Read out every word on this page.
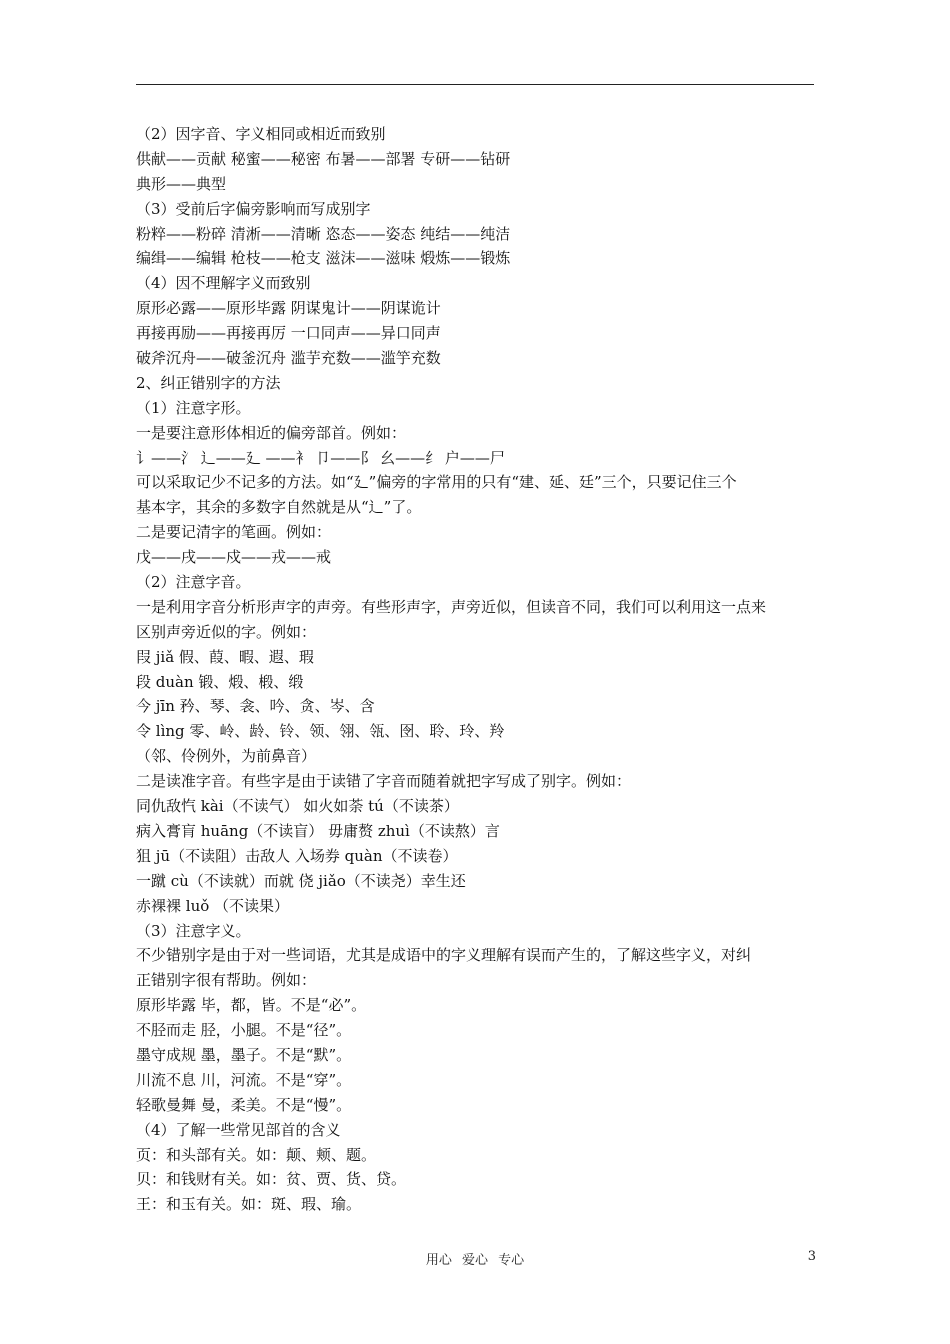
（2）因字音、字义相同或相近而致别
供献——贡献 秘蜜——秘密 布暑——部署 专研——钻研
典形——典型
（3）受前后字偏旁影响而写成别字
粉粹——粉碎 清淅——清晰 恣态——姿态 纯结——纯洁
编缉——编辑 枪枝——枪支 滋沫——滋味 煅炼——锻炼
（4）因不理解字义而致别
原形必露——原形毕露 阴谋鬼计——阴谋诡计
再接再励——再接再厉 一口同声——异口同声
破斧沉舟——破釜沉舟 滥芋充数——滥竽充数
2、纠正错别字的方法
（1）注意字形。
一是要注意形体相近的偏旁部首。例如：
讠——氵 辶——廴 ——衤 卩——阝 幺——纟 户——尸
可以采取记少不记多的方法。如“廴”偏旁的字常用的只有“建、延、廷”三个，只要记住三个
基本字，其余的多数字自然就是从“辶”了。
二是要记清字的笔画。例如：
戊——戌——戍——戎——戒
（2）注意字音。
一是利用字音分析形声字的声旁。有些形声字，声旁近似，但读音不同，我们可以利用这一点来
区别声旁近似的字。例如：
叚 jiǎ 假、葭、暇、遐、瑕
段 duàn 锻、煅、椴、缎
今 jīn 矜、琴、衾、吟、贪、岑、含
令 lìng 零、岭、龄、铃、领、翎、瓴、囹、聆、玲、羚
（邻、伶例外，为前鼻音）
二是读准字音。有些字是由于读错了字音而随着就把字写成了别字。例如：
同仇敌忾 kài（不读气） 如火如荼 tú（不读茶）
病入膏肓 huāng（不读盲） 毋庸赘 zhuì（不读熬）言
狙 jū（不读阻）击敌人 入场券 quàn（不读卷）
一蹴 cù（不读就）而就 侥 jiǎo（不读尧）幸生还
赤裸裸 luǒ （不读果）
（3）注意字义。
不少错别字是由于对一些词语，尤其是成语中的字义理解有误而产生的，了解这些字义，对纠
正错别字很有帮助。例如：
原形毕露 毕，都，皆。不是“必”。
不胫而走 胫，小腿。不是“径”。
墨守成规 墨，墨子。不是“默”。
川流不息 川，河流。不是“穿”。
轻歌曼舞 曼，柔美。不是“慢”。
（4）了解一些常见部首的含义
页：和头部有关。如：颠、颊、题。
贝：和钱财有关。如：贫、贾、货、贷。
王：和玉有关。如：斑、瑕、瑜。
用心 爱心 专心	3
